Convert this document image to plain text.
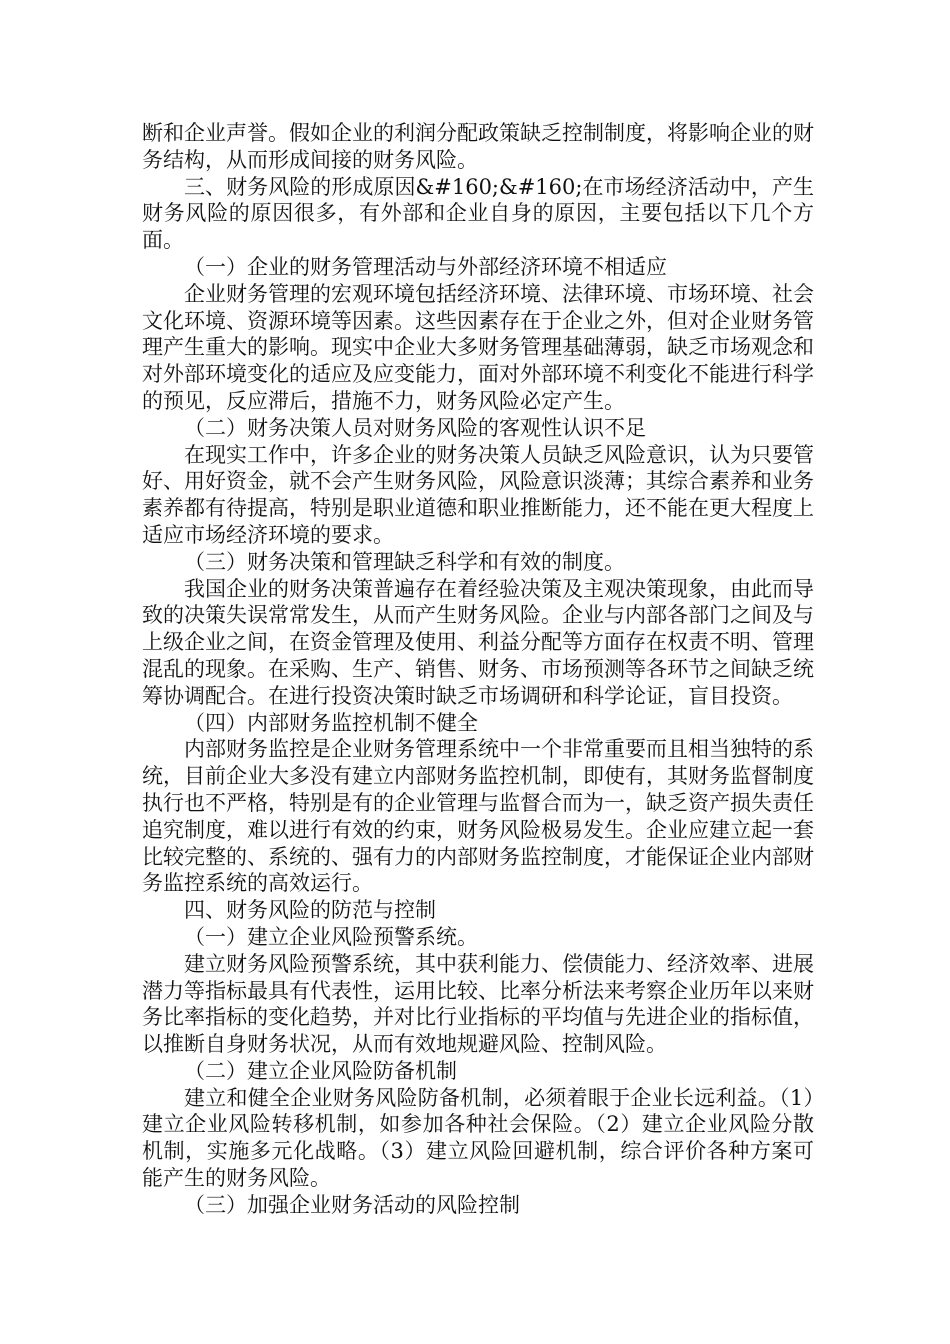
断和企业声誉。假如企业的利润分配政策缺乏控制制度，将影响企业的财务结构，从而形成间接的财务风险。

三、财务风险的形成原因&#160;&#160;在市场经济活动中，产生财务风险的原因很多，有外部和企业自身的原因，主要包括以下几个方面。

（一）企业的财务管理活动与外部经济环境不相适应

企业财务管理的宏观环境包括经济环境、法律环境、市场环境、社会文化环境、资源环境等因素。这些因素存在于企业之外，但对企业财务管理产生重大的影响。现实中企业大多财务管理基础薄弱，缺乏市场观念和对外部环境变化的适应及应变能力，面对外部环境不利变化不能进行科学的预见，反应滞后，措施不力，财务风险必定产生。

（二）财务决策人员对财务风险的客观性认识不足

在现实工作中，许多企业的财务决策人员缺乏风险意识，认为只要管好、用好资金，就不会产生财务风险，风险意识淡薄；其综合素养和业务素养都有待提高，特别是职业道德和职业推断能力，还不能在更大程度上适应市场经济环境的要求。

（三）财务决策和管理缺乏科学和有效的制度。

我国企业的财务决策普遍存在着经验决策及主观决策现象，由此而导致的决策失误常常发生，从而产生财务风险。企业与内部各部门之间及与上级企业之间，在资金管理及使用、利益分配等方面存在权责不明、管理混乱的现象。在采购、生产、销售、财务、市场预测等各环节之间缺乏统筹协调配合。在进行投资决策时缺乏市场调研和科学论证，盲目投资。

（四）内部财务监控机制不健全

内部财务监控是企业财务管理系统中一个非常重要而且相当独特的系统，目前企业大多没有建立内部财务监控机制，即使有，其财务监督制度执行也不严格，特别是有的企业管理与监督合而为一，缺乏资产损失责任追究制度，难以进行有效的约束，财务风险极易发生。企业应建立起一套比较完整的、系统的、强有力的内部财务监控制度，才能保证企业内部财务监控系统的高效运行。

四、财务风险的防范与控制

（一）建立企业风险预警系统。

建立财务风险预警系统，其中获利能力、偿债能力、经济效率、进展潜力等指标最具有代表性，运用比较、比率分析法来考察企业历年以来财务比率指标的变化趋势，并对比行业指标的平均值与先进企业的指标值，以推断自身财务状况，从而有效地规避风险、控制风险。

（二）建立企业风险防备机制

建立和健全企业财务风险防备机制，必须着眼于企业长远利益。（1）建立企业风险转移机制，如参加各种社会保险。（2）建立企业风险分散机制，实施多元化战略。（3）建立风险回避机制，综合评价各种方案可能产生的财务风险。

（三）加强企业财务活动的风险控制
